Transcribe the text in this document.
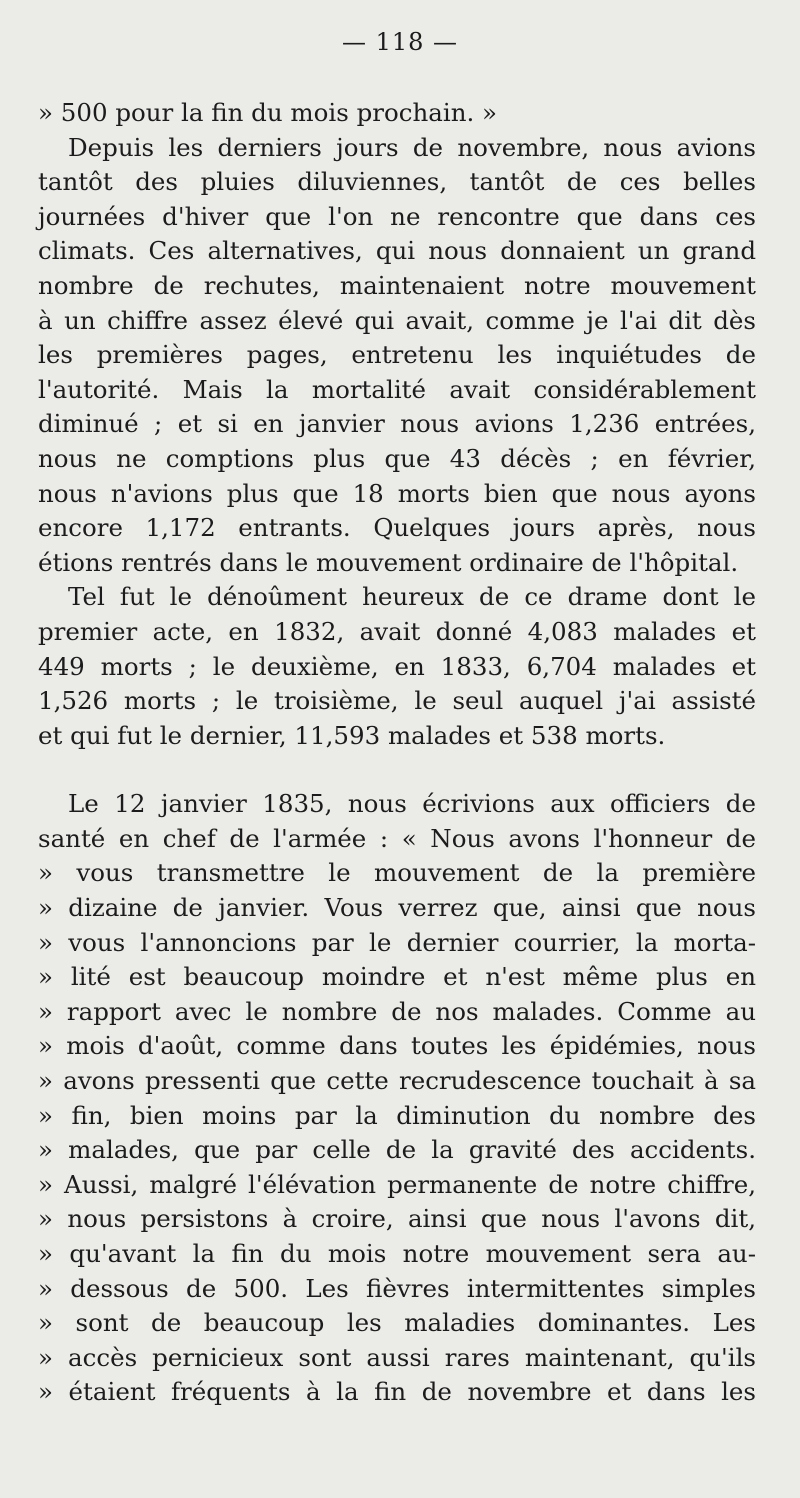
— 118 —
» 500 pour la fin du mois prochain. »
Depuis les derniers jours de novembre, nous avions
tantôt des pluies diluviennes, tantôt de ces belles
journées d'hiver que l'on ne rencontre que dans ces
climats. Ces alternatives, qui nous donnaient un grand
nombre de rechutes, maintenaient notre mouvement
à un chiffre assez élevé qui avait, comme je l'ai dit dès
les premières pages, entretenu les inquiétudes de
l'autorité. Mais la mortalité avait considérablement
diminué ; et si en janvier nous avions 1,236 entrées,
nous ne comptions plus que 43 décès ; en février,
nous n'avions plus que 18 morts bien que nous ayons
encore 1,172 entrants. Quelques jours après, nous
étions rentrés dans le mouvement ordinaire de l'hôpital.
Tel fut le dénoûment heureux de ce drame dont le
premier acte, en 1832, avait donné 4,083 malades et
449 morts ; le deuxième, en 1833, 6,704 malades et
1,526 morts ; le troisième, le seul auquel j'ai assisté
et qui fut le dernier, 11,593 malades et 538 morts.
Le 12 janvier 1835, nous écrivions aux officiers de
santé en chef de l'armée : « Nous avons l'honneur de
» vous transmettre le mouvement de la première
» dizaine de janvier. Vous verrez que, ainsi que nous
» vous l'annoncions par le dernier courrier, la morta-
» lité est beaucoup moindre et n'est même plus en
» rapport avec le nombre de nos malades. Comme au
» mois d'août, comme dans toutes les épidémies, nous
» avons pressenti que cette recrudescence touchait à sa
» fin, bien moins par la diminution du nombre des
» malades, que par celle de la gravité des accidents.
» Aussi, malgré l'élévation permanente de notre chiffre,
» nous persistons à croire, ainsi que nous l'avons dit,
» qu'avant la fin du mois notre mouvement sera au-
» dessous de 500. Les fièvres intermittentes simples
» sont de beaucoup les maladies dominantes. Les
» accès pernicieux sont aussi rares maintenant, qu'ils
» étaient fréquents à la fin de novembre et dans les
